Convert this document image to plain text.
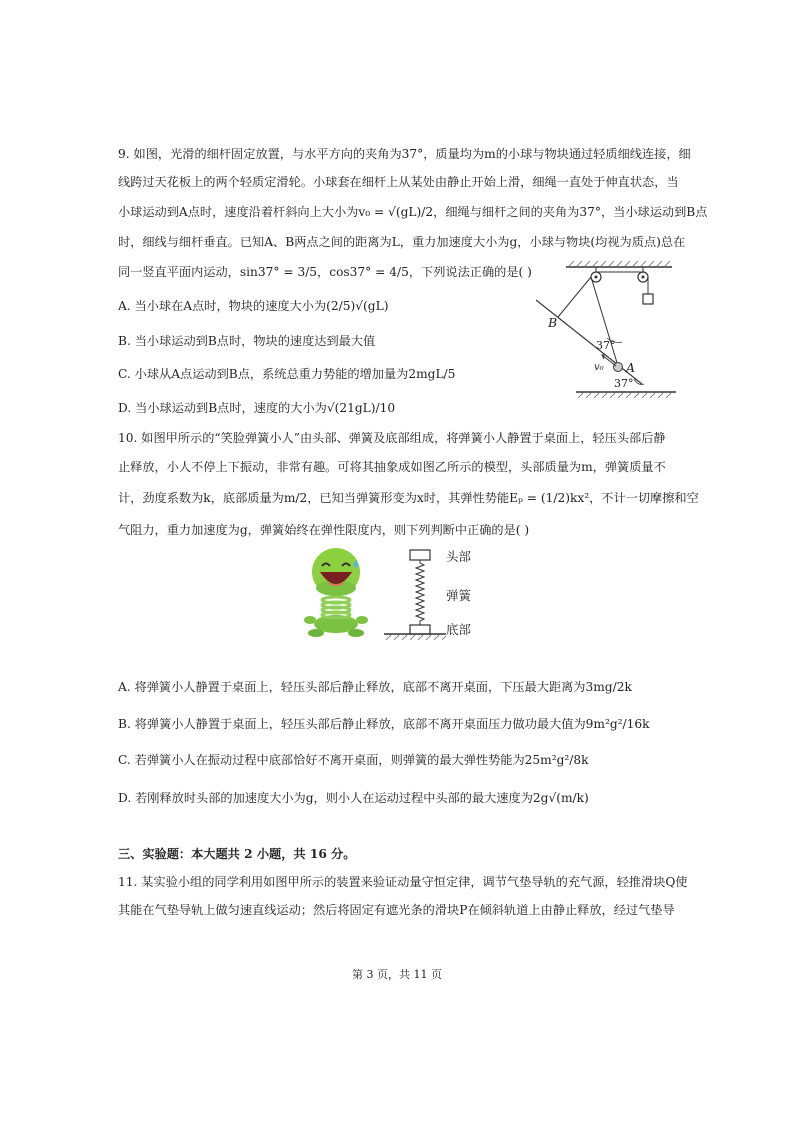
9. 如图，光滑的细杆固定放置，与水平方向的夹角为37°，质量均为m的小球与物块通过轻质细线连接，细
线跨过天花板上的两个轻质定滑轮。小球套在细杆上从某处由静止开始上滑，细绳一直处于伸直状态，当
小球运动到A点时，速度沿着杆斜向上大小为v₀ = √(gL)/2，细绳与细杆之间的夹角为37°，当小球运动到B点
时，细线与细杆垂直。已知A、B两点之间的距离为L，重力加速度大小为g，小球与物块(均视为质点)总在
同一竖直平面内运动，sin37° = 3/5，cos37° = 4/5，下列说法正确的是( )
A. 当小球在A点时，物块的速度大小为(2/5)√(gL)
B. 当小球运动到B点时，物块的速度达到最大值
C. 小球从A点运动到B点，系统总重力势能的增加量为2mgL/5
D. 当小球运动到B点时，速度的大小为√(21gL)/10
B
A
37°
37°
v₀
10. 如图甲所示的“笑脸弹簧小人”由头部、弹簧及底部组成，将弹簧小人静置于桌面上，轻压头部后静
止释放，小人不停上下振动，非常有趣。可将其抽象成如图乙所示的模型，头部质量为m，弹簧质量不
计，劲度系数为k，底部质量为m/2，已知当弹簧形变为x时，其弹性势能Eₚ = (1/2)kx²，不计一切摩擦和空
气阻力，重力加速度为g，弹簧始终在弹性限度内，则下列判断中正确的是( )
头部
弹簧
底部
A. 将弹簧小人静置于桌面上，轻压头部后静止释放，底部不离开桌面，下压最大距离为3mg/2k
B. 将弹簧小人静置于桌面上，轻压头部后静止释放，底部不离开桌面压力做功最大值为9m²g²/16k
C. 若弹簧小人在振动过程中底部恰好不离开桌面，则弹簧的最大弹性势能为25m²g²/8k
D. 若刚释放时头部的加速度大小为g，则小人在运动过程中头部的最大速度为2g√(m/k)
三、实验题：本大题共 2 小题，共 16 分。
11. 某实验小组的同学利用如图甲所示的装置来验证动量守恒定律，调节气垫导轨的充气源，轻推滑块Q使
其能在气垫导轨上做匀速直线运动；然后将固定有遮光条的滑块P在倾斜轨道上由静止释放，经过气垫导
第 3 页，共 11 页
